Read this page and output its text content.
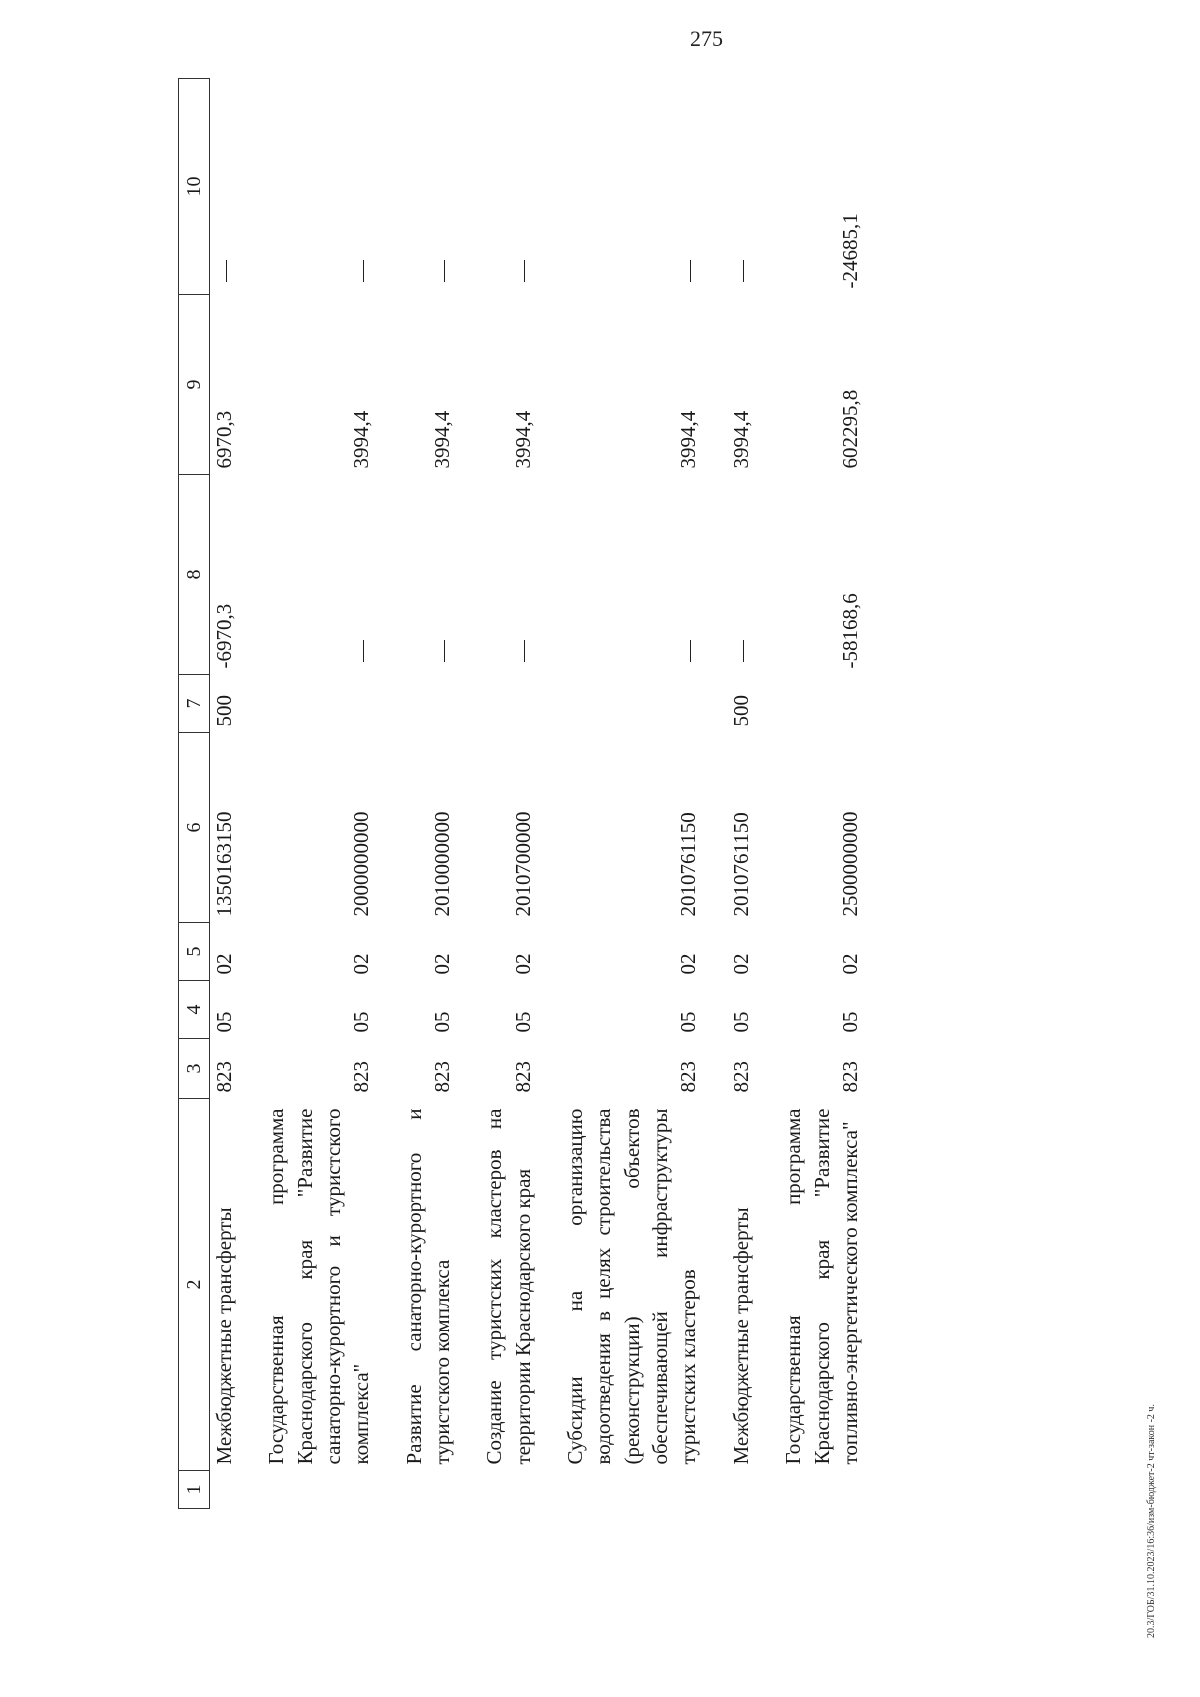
275
1	2	3	4	5	6	7	8	9	10
	Межбюджетные трансферты	823	05	02	1350163150	500	-6970,3	6970,3	
	Государственная программа Краснодарского края "Развитие санаторно-курортного и туристского комплекса"	823	05	02	2000000000			3994,4	
	Развитие санаторно-курортного и туристского комплекса	823	05	02	2010000000			3994,4	
	Создание туристских кластеров на территории Краснодарского края	823	05	02	2010700000			3994,4	
	Субсидии на организацию водоотведения в целях строительства (реконструкции) объектов обеспечивающей инфраструктуры туристских кластеров	823	05	02	2010761150			3994,4	
	Межбюджетные трансферты	823	05	02	2010761150	500		3994,4	
	Государственная программа Краснодарского края "Развитие топливно-энергетического комплекса"	823	05	02	2500000000		-58168,6	602295,8	-24685,1
20.3/ГОБ/31.10.2023/16:36/изм-бюджет-2 чт-закон -2 ч.
